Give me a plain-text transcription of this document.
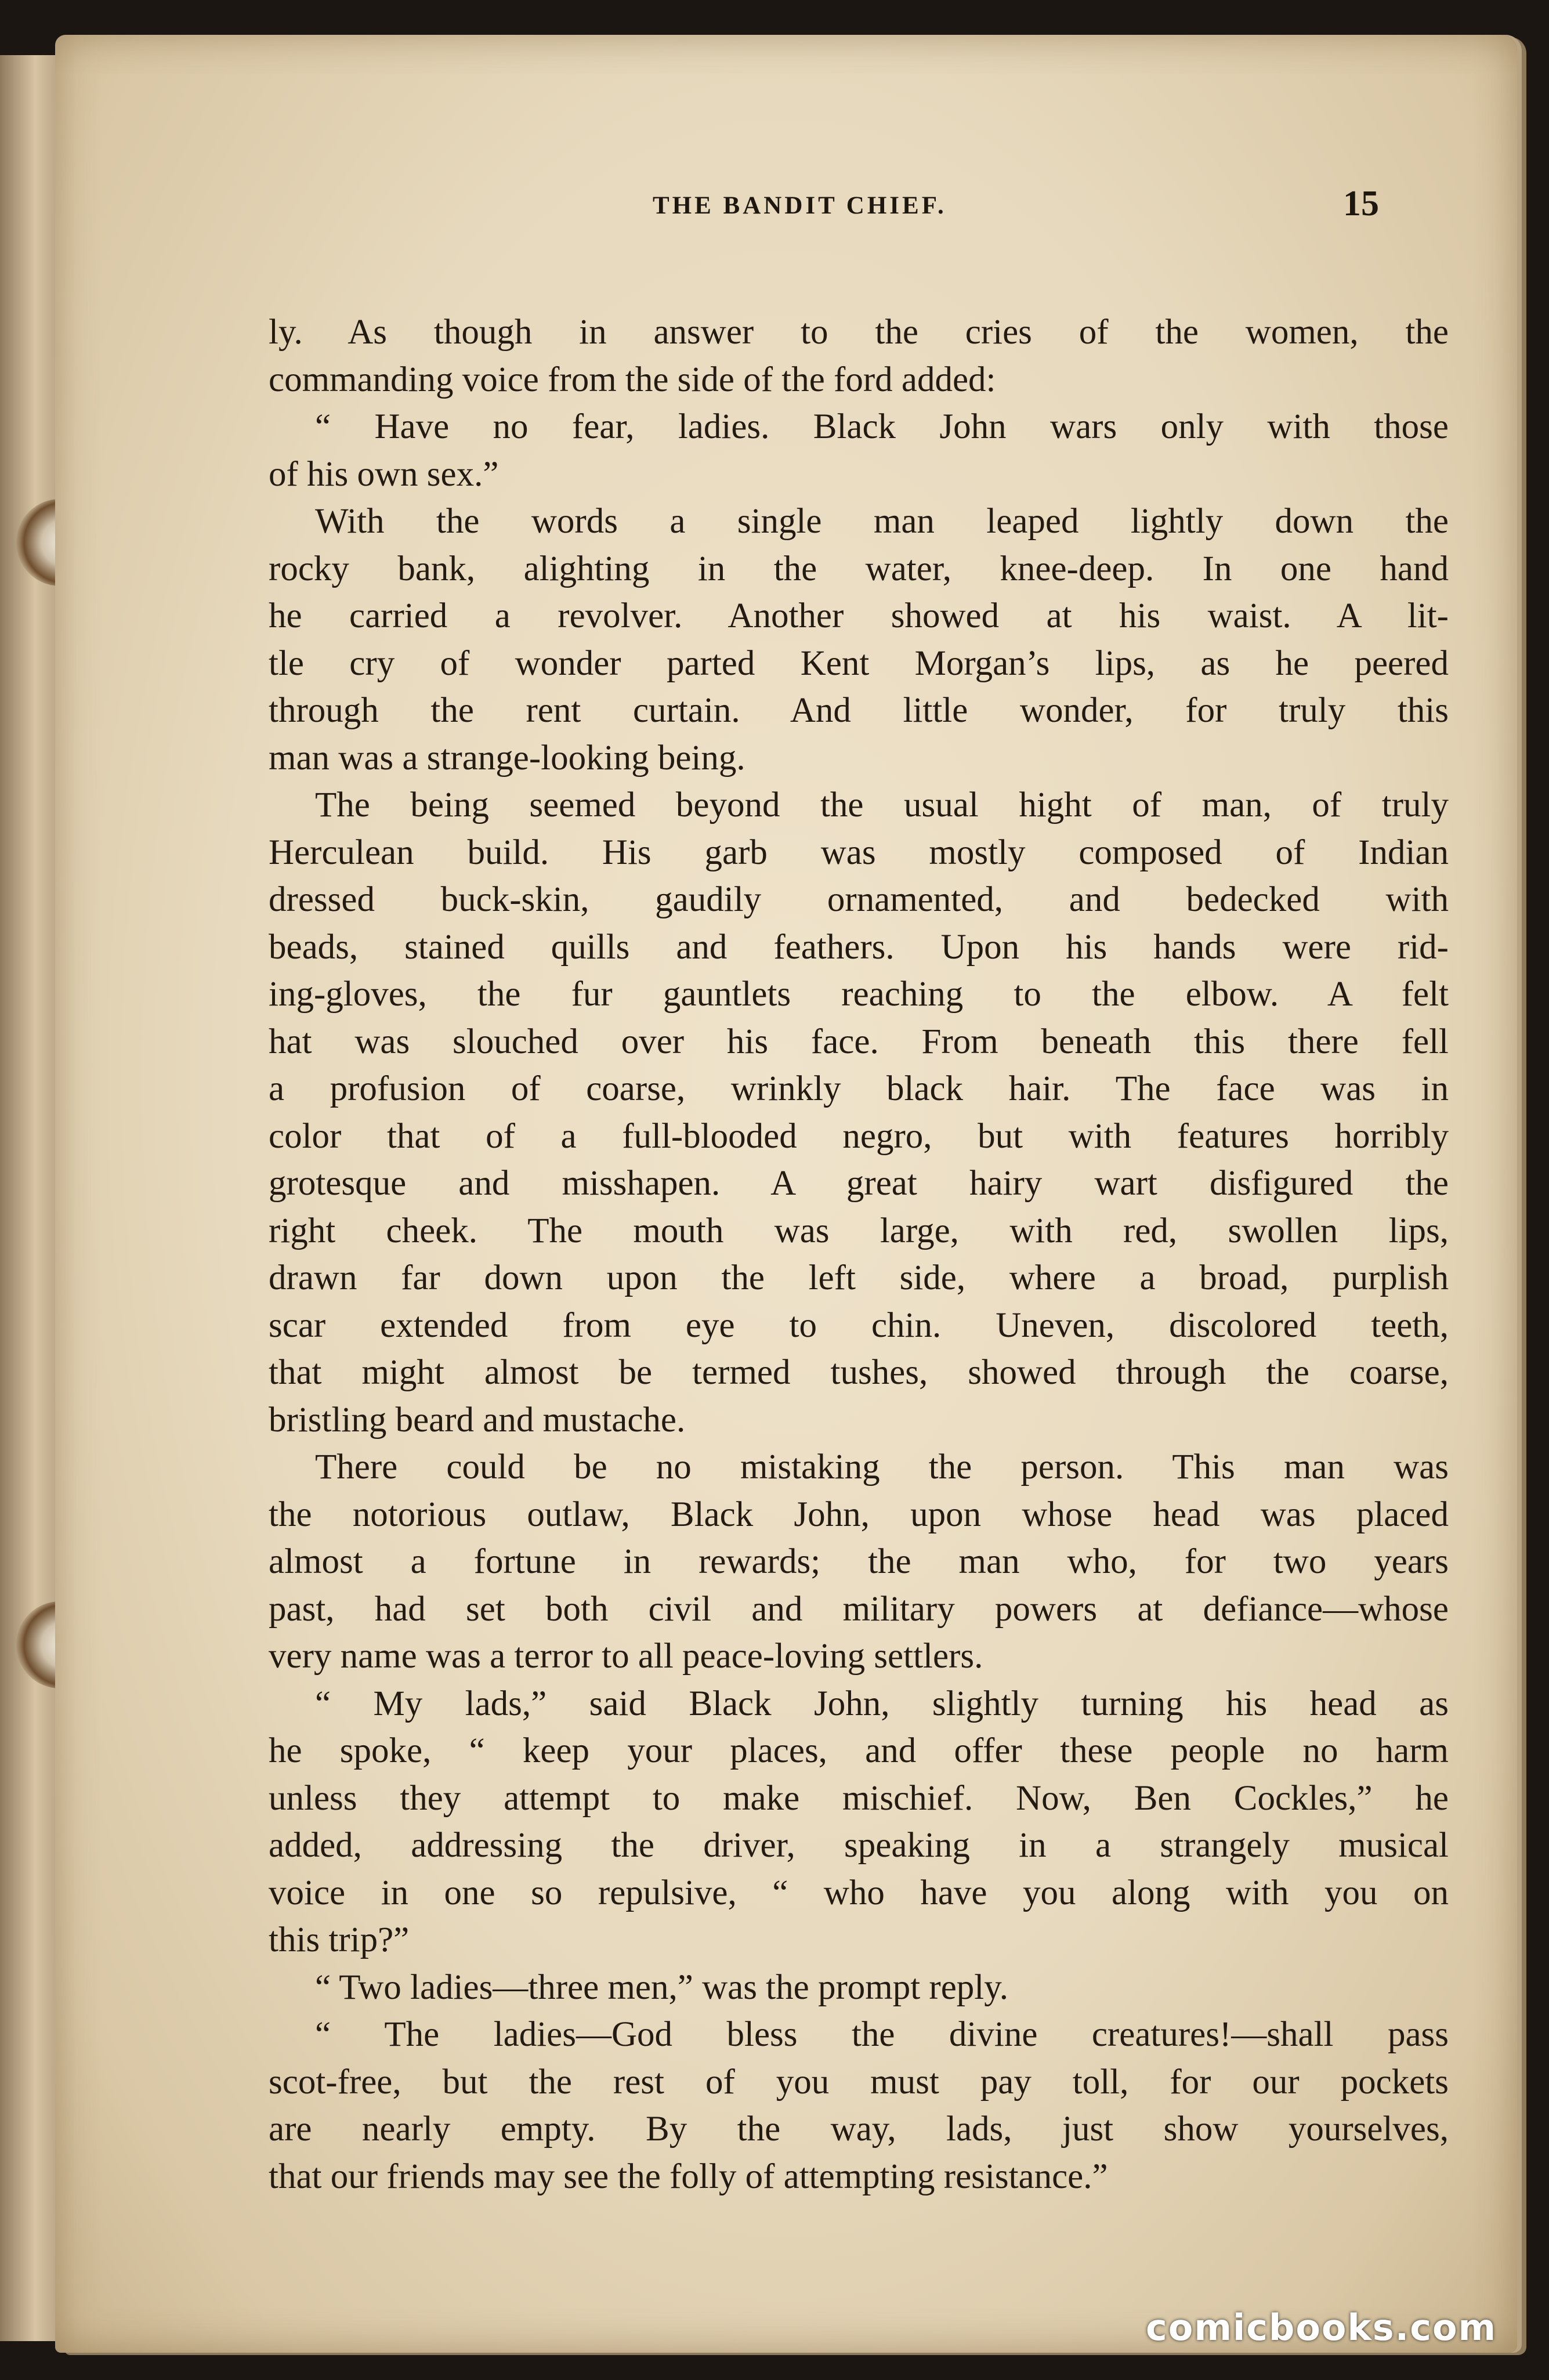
THE BANDIT CHIEF.	15
ly. As though in answer to the cries of the women, the
commanding voice from the side of the ford added:
“ Have no fear, ladies. Black John wars only with those
of his own sex.”
With the words a single man leaped lightly down the
rocky bank, alighting in the water, knee-deep. In one hand
he carried a revolver. Another showed at his waist. A lit-
tle cry of wonder parted Kent Morgan’s lips, as he peered
through the rent curtain. And little wonder, for truly this
man was a strange-looking being.
The being seemed beyond the usual hight of man, of truly
Herculean build. His garb was mostly composed of Indian
dressed buck-skin, gaudily ornamented, and bedecked with
beads, stained quills and feathers. Upon his hands were rid-
ing-gloves, the fur gauntlets reaching to the elbow. A felt
hat was slouched over his face. From beneath this there fell
a profusion of coarse, wrinkly black hair. The face was in
color that of a full-blooded negro, but with features horribly
grotesque and misshapen. A great hairy wart disfigured the
right cheek. The mouth was large, with red, swollen lips,
drawn far down upon the left side, where a broad, purplish
scar extended from eye to chin. Uneven, discolored teeth,
that might almost be termed tushes, showed through the coarse,
bristling beard and mustache.
There could be no mistaking the person. This man was
the notorious outlaw, Black John, upon whose head was placed
almost a fortune in rewards; the man who, for two years
past, had set both civil and military powers at defiance—whose
very name was a terror to all peace-loving settlers.
“ My lads,” said Black John, slightly turning his head as
he spoke, “ keep your places, and offer these people no harm
unless they attempt to make mischief. Now, Ben Cockles,” he
added, addressing the driver, speaking in a strangely musical
voice in one so repulsive, “ who have you along with you on
this trip?”
“ Two ladies—three men,” was the prompt reply.
“ The ladies—God bless the divine creatures!—shall pass
scot-free, but the rest of you must pay toll, for our pockets
are nearly empty. By the way, lads, just show yourselves,
that our friends may see the folly of attempting resistance.”
comicbooks.com
